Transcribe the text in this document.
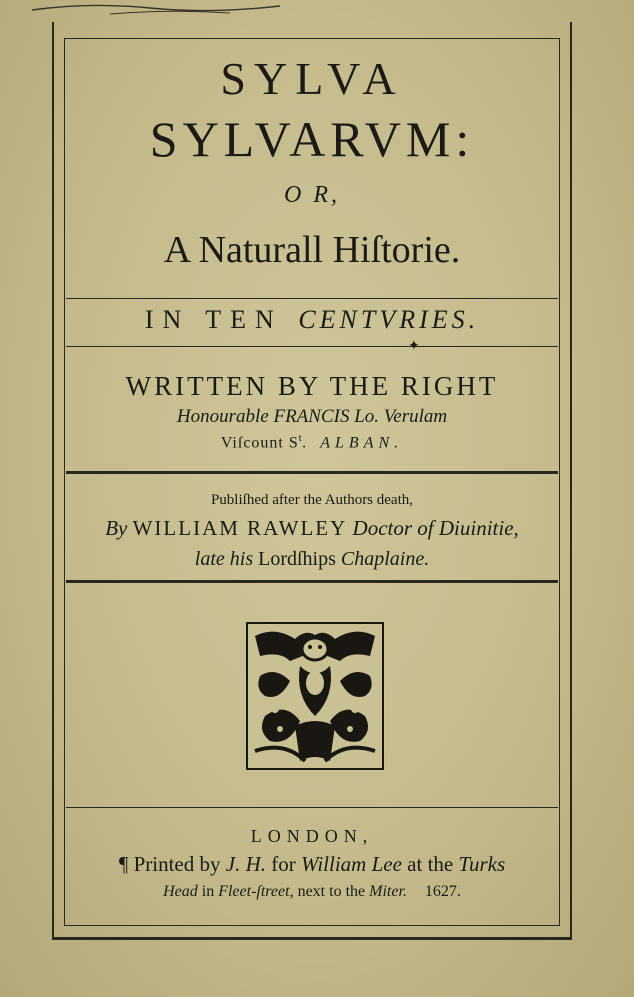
SYLVA
SYLVARVM:
O R,
A Naturall Hiſtorie.
IN TEN CENTVRIES.
✦
WRITTEN BY THE RIGHT
Honourable FRANCIS Lo. Verulam
Viſcount $S^t$. ALBAN.
Publiſhed after the Authors death,
By WILLIAM RAWLEY Doctor of Diuinitie,
late his Lordſhips Chaplaine.
LONDON,
¶ Printed by J. H. for William Lee at the Turks
Head in Fleet-ſtreet, next to the Miter. 1627.
